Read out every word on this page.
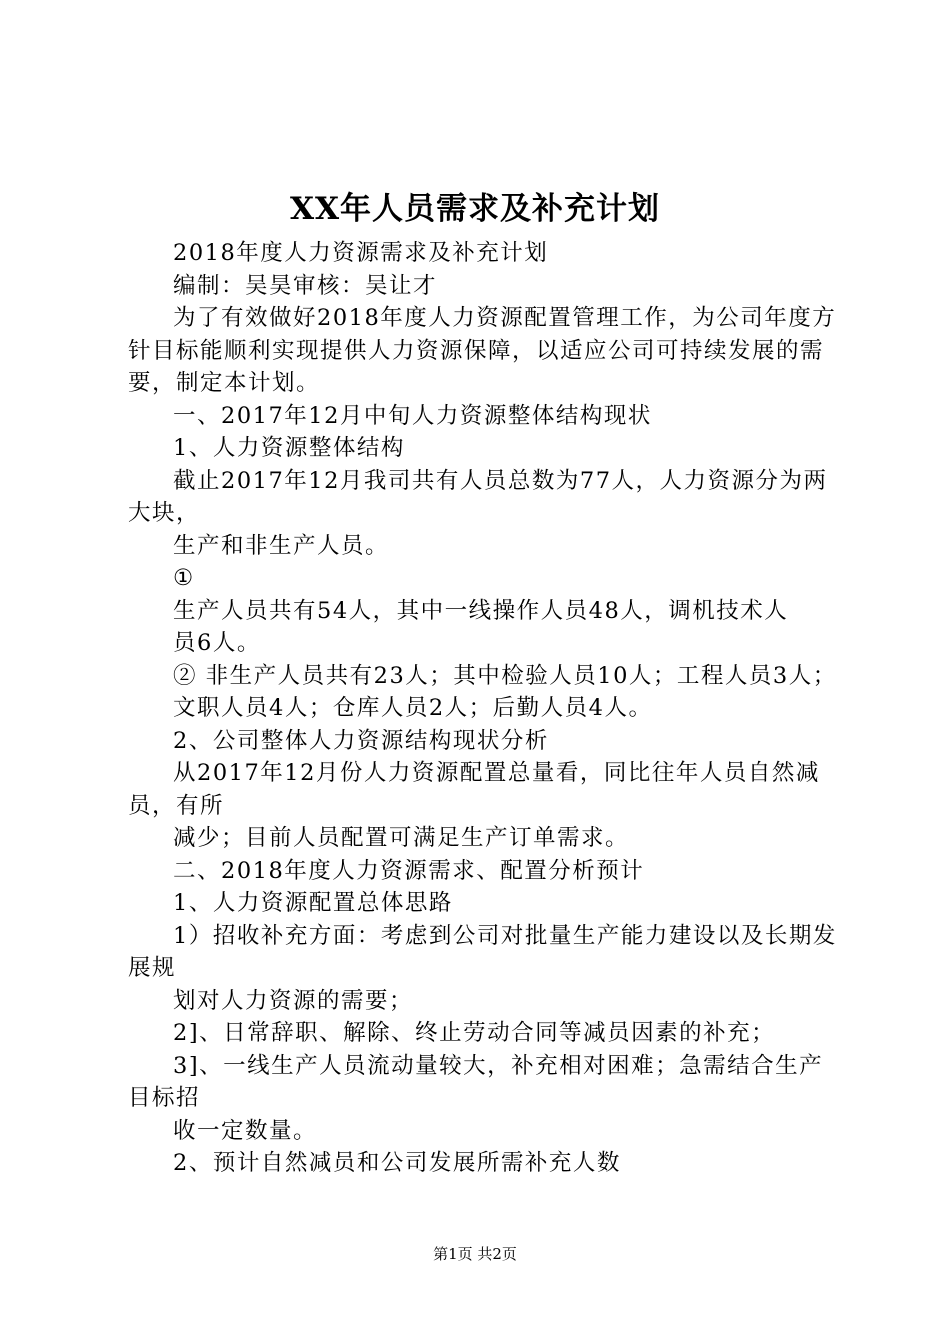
XX年人员需求及补充计划

2018年度人力资源需求及补充计划

编制：吴昊审核：吴让才

为了有效做好2018年度人力资源配置管理工作，为公司年度方针目标能顺利实现提供人力资源保障，以适应公司可持续发展的需要，制定本计划。

一、2017年12月中旬人力资源整体结构现状

1、人力资源整体结构

截止2017年12月我司共有人员总数为77人，人力资源分为两大块，

生产和非生产人员。

①

生产人员共有54人，其中一线操作人员48人，调机技术人

员6人。

② 非生产人员共有23人；其中检验人员10人；工程人员3人；

文职人员4人；仓库人员2人；后勤人员4人。

2、公司整体人力资源结构现状分析

从2017年12月份人力资源配置总量看，同比往年人员自然减员，有所

减少；目前人员配置可满足生产订单需求。

二、2018年度人力资源需求、配置分析预计

1、人力资源配置总体思路

1）招收补充方面：考虑到公司对批量生产能力建设以及长期发展规

划对人力资源的需要；

2]、日常辞职、解除、终止劳动合同等减员因素的补充；

3]、一线生产人员流动量较大，补充相对困难；急需结合生产目标招

收一定数量。

2、预计自然减员和公司发展所需补充人数

第1页 共2页
